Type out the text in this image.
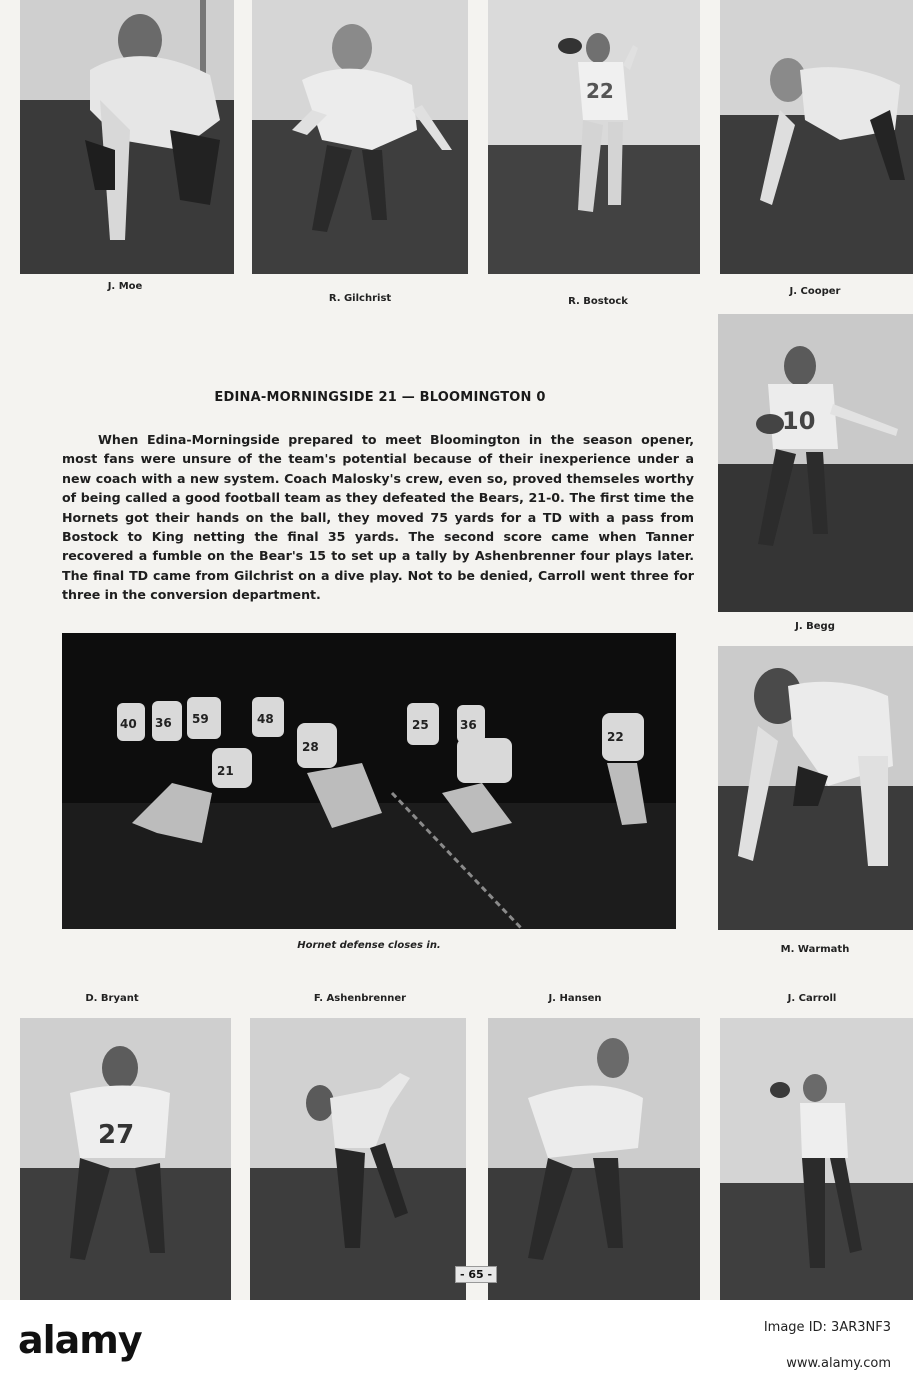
22
J. Moe
R. Gilchrist	R. Bostock
J. Cooper
10
J. Begg
M. Warmath
EDINA-MORNINGSIDE 21 — BLOOMINGTON 0

When Edina-Morningside prepared to meet Bloomington in the season opener, most fans were unsure of the team's potential because of their inexperience under a new coach with a new system. Coach Malosky's crew, even so, proved themseles worthy of being called a good football team as they defeated the Bears, 21-0. The first time the Hornets got their hands on the ball, they moved 75 yards for a TD with a pass from Bostock to King netting the final 35 yards. The second score came when Tanner recovered a fumble on the Bear's 15 to set up a tally by Ashenbrenner four plays later. The final TD came from Gilchrist on a dive play. Not to be denied, Carroll went three for three in the conversion department.

40 36 59	48
28
25	36
22
21
Hornet defense closes in.
D. Bryant	F. Ashenbrenner	J. Hansen	J. Carroll
27
- 65 -
alamy	Image ID: 3AR3NF3
www.alamy.com
